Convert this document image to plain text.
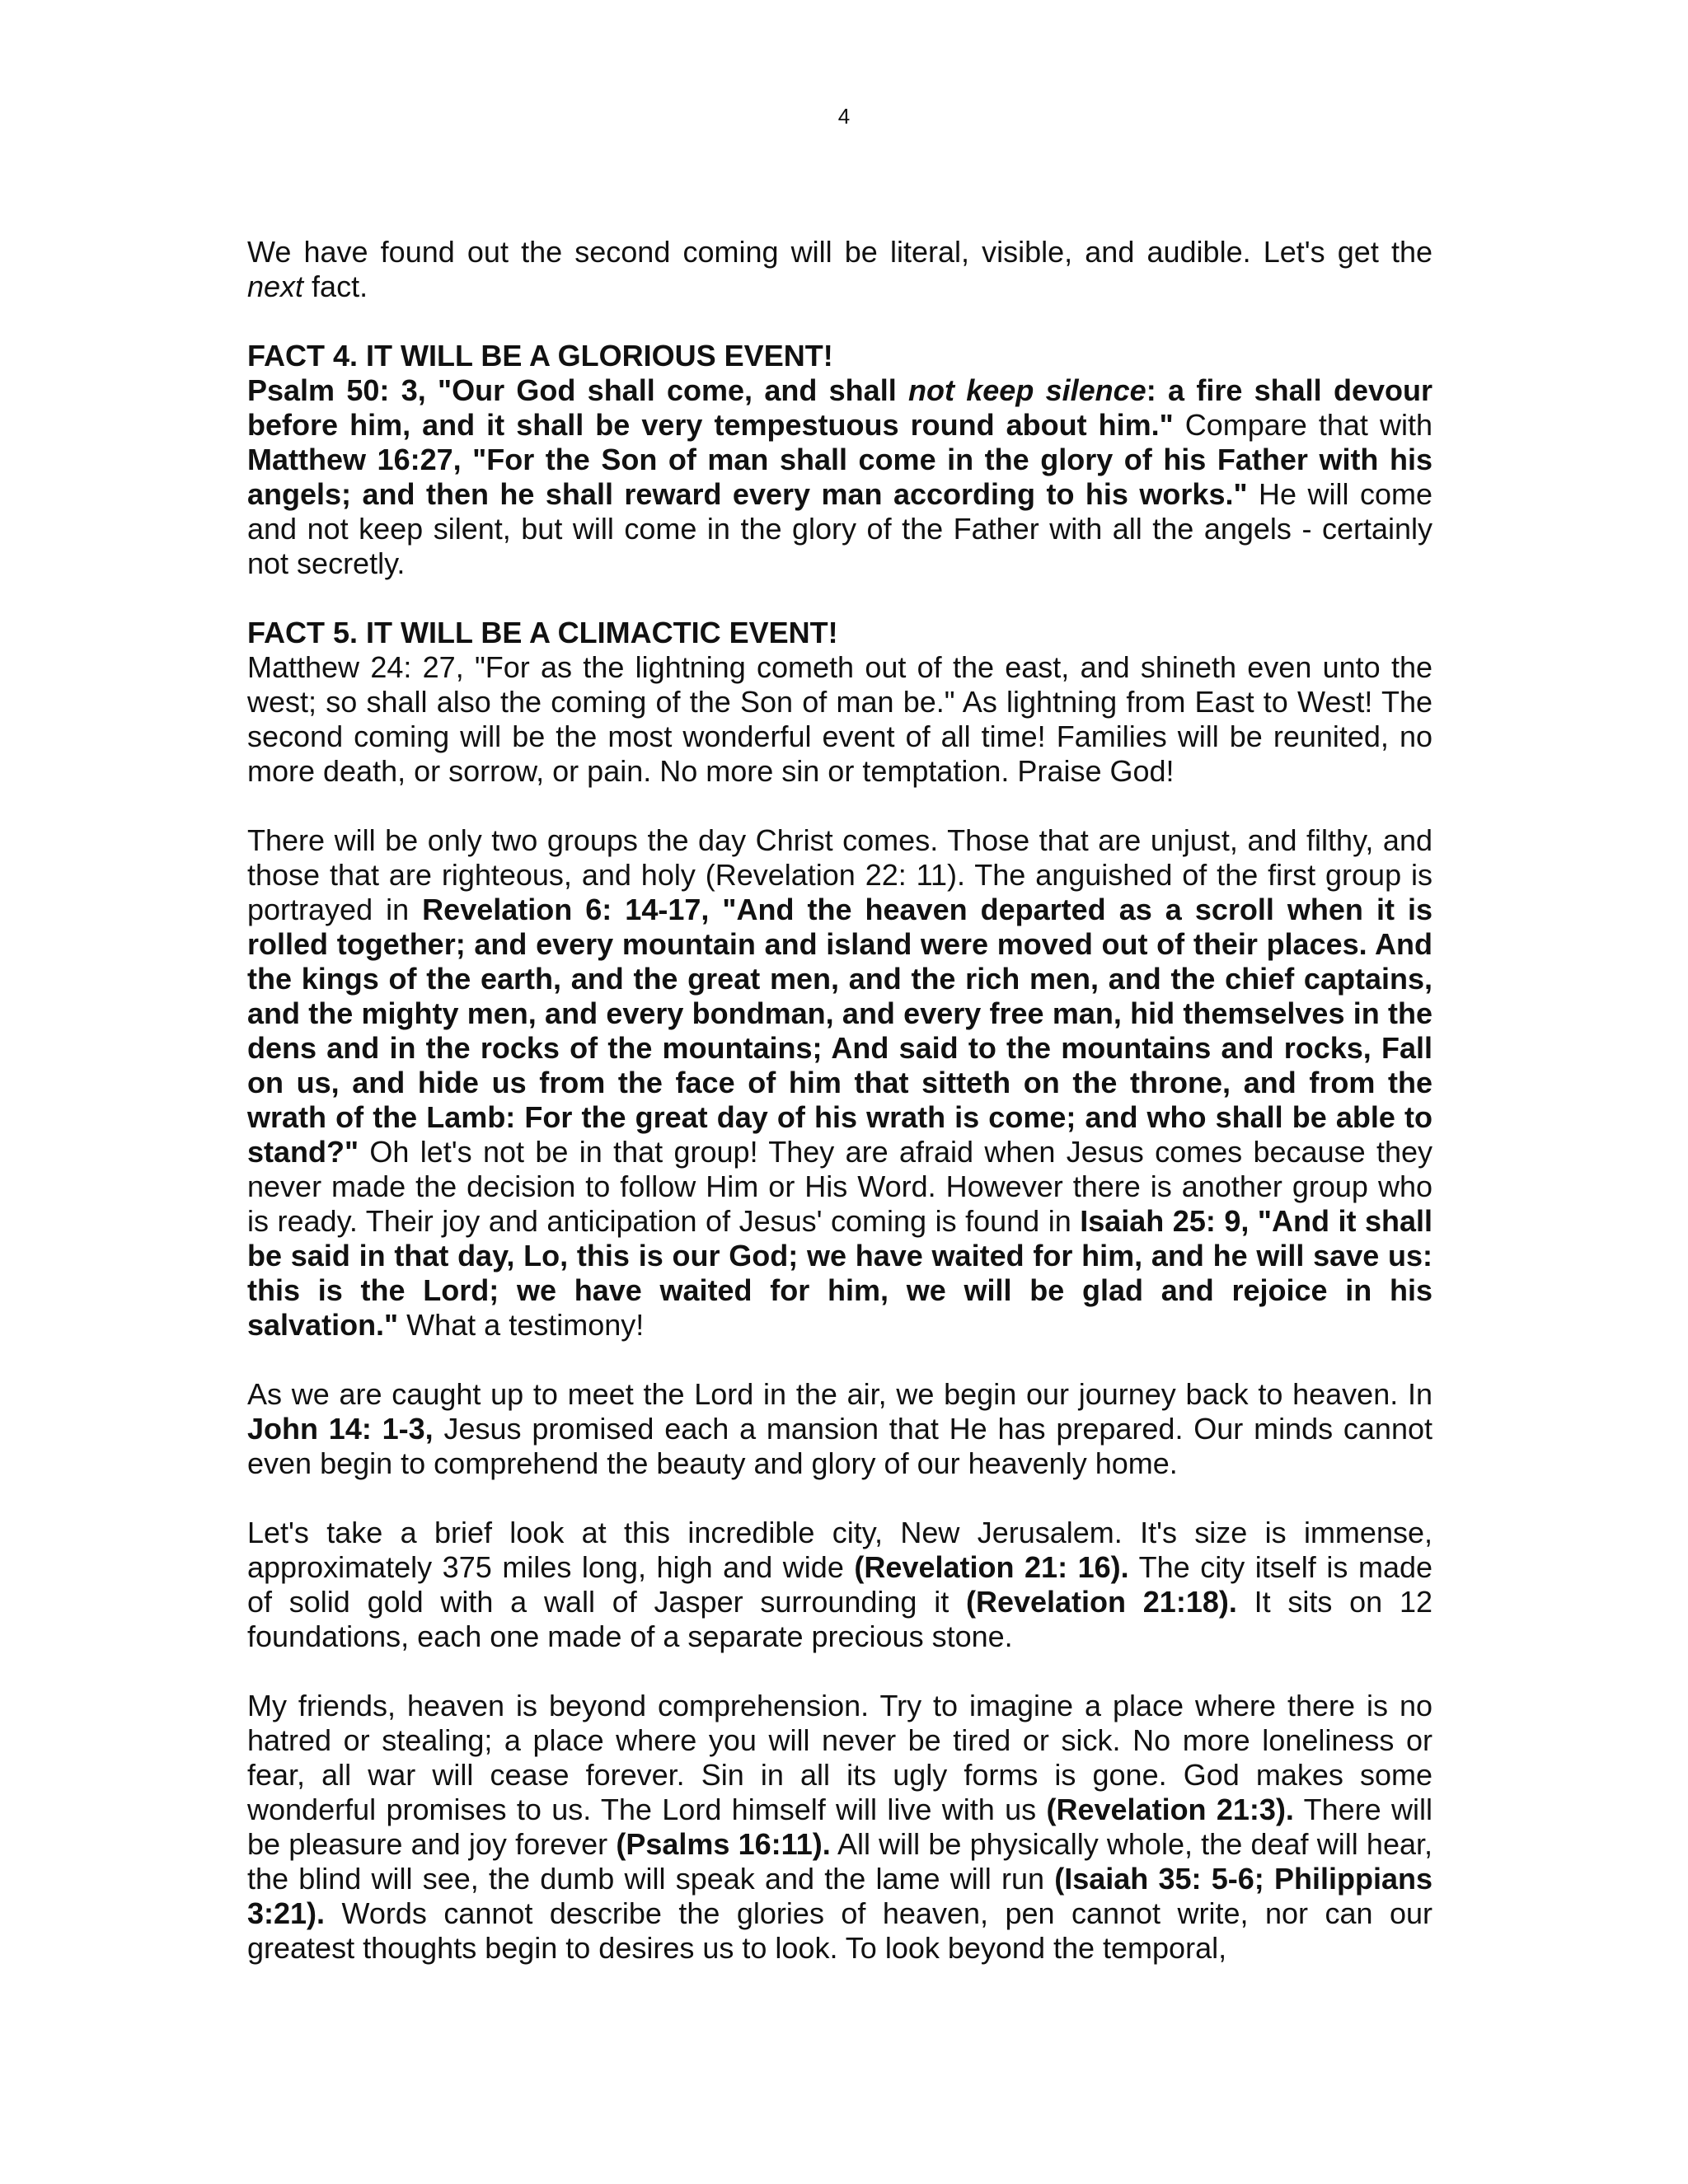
4

We have found out the second coming will be literal, visible, and audible. Let's get the next fact.

FACT 4. IT WILL BE A GLORIOUS EVENT!
Psalm 50: 3, "Our God shall come, and shall not keep silence: a fire shall devour before him, and it shall be very tempestuous round about him." Compare that with Matthew 16:27, "For the Son of man shall come in the glory of his Father with his angels; and then he shall reward every man according to his works." He will come and not keep silent, but will come in the glory of the Father with all the angels - certainly not secretly.

FACT 5. IT WILL BE A CLIMACTIC EVENT!
Matthew 24: 27, "For as the lightning cometh out of the east, and shineth even unto the west; so shall also the coming of the Son of man be." As lightning from East to West! The second coming will be the most wonderful event of all time! Families will be reunited, no more death, or sorrow, or pain. No more sin or temptation. Praise God!

There will be only two groups the day Christ comes. Those that are unjust, and filthy, and those that are righteous, and holy (Revelation 22: 11). The anguished of the first group is portrayed in Revelation 6: 14-17, "And the heaven departed as a scroll when it is rolled together; and every mountain and island were moved out of their places. And the kings of the earth, and the great men, and the rich men, and the chief captains, and the mighty men, and every bondman, and every free man, hid themselves in the dens and in the rocks of the mountains; And said to the mountains and rocks, Fall on us, and hide us from the face of him that sitteth on the throne, and from the wrath of the Lamb: For the great day of his wrath is come; and who shall be able to stand?" Oh let's not be in that group! They are afraid when Jesus comes because they never made the decision to follow Him or His Word. However there is another group who is ready. Their joy and anticipation of Jesus' coming is found in Isaiah 25: 9, "And it shall be said in that day, Lo, this is our God; we have waited for him, and he will save us: this is the Lord; we have waited for him, we will be glad and rejoice in his salvation." What a testimony!

As we are caught up to meet the Lord in the air, we begin our journey back to heaven. In John 14: 1-3, Jesus promised each a mansion that He has prepared. Our minds cannot even begin to comprehend the beauty and glory of our heavenly home.

Let's take a brief look at this incredible city, New Jerusalem. It's size is immense, approximately 375 miles long, high and wide (Revelation 21: 16). The city itself is made of solid gold with a wall of Jasper surrounding it (Revelation 21:18). It sits on 12 foundations, each one made of a separate precious stone.

My friends, heaven is beyond comprehension. Try to imagine a place where there is no hatred or stealing; a place where you will never be tired or sick. No more loneliness or fear, all war will cease forever. Sin in all its ugly forms is gone. God makes some wonderful promises to us. The Lord himself will live with us (Revelation 21:3). There will be pleasure and joy forever (Psalms 16:11). All will be physically whole, the deaf will hear, the blind will see, the dumb will speak and the lame will run (Isaiah 35: 5-6; Philippians 3:21). Words cannot describe the glories of heaven, pen cannot write, nor can our greatest thoughts begin to desires us to look. To look beyond the temporal,
